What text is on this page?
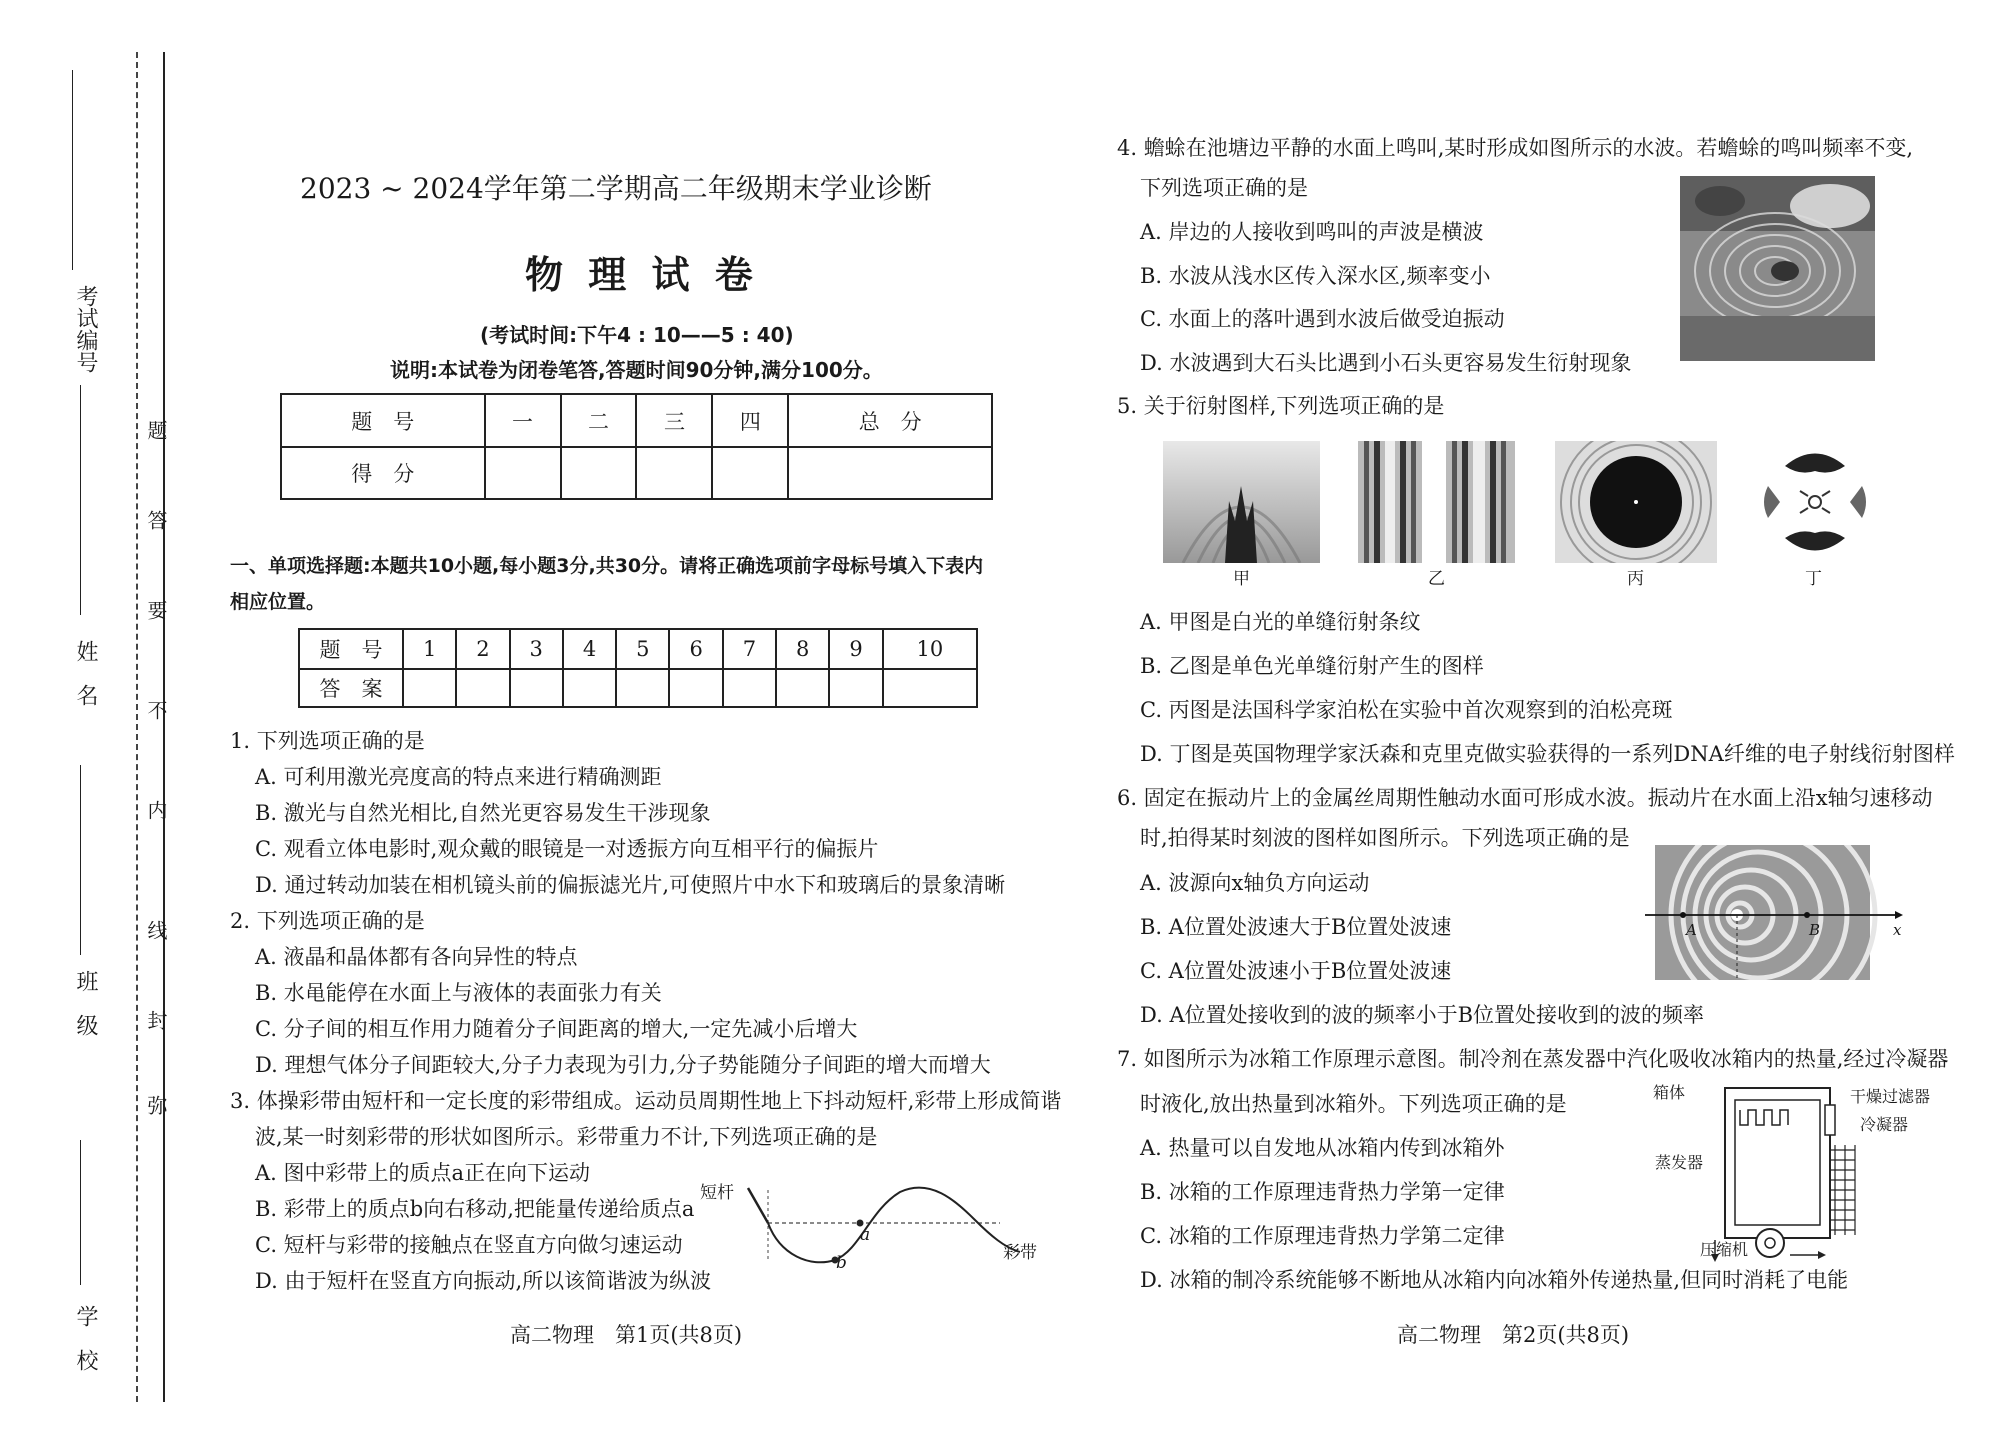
考试编号
姓　名
班　级
学　校
弥
封
线
内
不
要
答
题
2023 ~ 2024学年第二学期高二年级期末学业诊断
物 理 试 卷
(考试时间:下午4 : 10——5 : 40)
说明:本试卷为闭卷笔答,答题时间90分钟,满分100分。
题　号	一	二	三	四	总　分
得　分					
一、单项选择题:本题共10小题,每小题3分,共30分。请将正确选项前字母标号填入下表内
相应位置。
题　号	1	2	3	4	5	6	7	8	9	10
答　案										
1. 下列选项正确的是
A. 可利用激光亮度高的特点来进行精确测距
B. 激光与自然光相比,自然光更容易发生干涉现象
C. 观看立体电影时,观众戴的眼镜是一对透振方向互相平行的偏振片
D. 通过转动加装在相机镜头前的偏振滤光片,可使照片中水下和玻璃后的景象清晰
2. 下列选项正确的是
A. 液晶和晶体都有各向异性的特点
B. 水黾能停在水面上与液体的表面张力有关
C. 分子间的相互作用力随着分子间距离的增大,一定先减小后增大
D. 理想气体分子间距较大,分子力表现为引力,分子势能随分子间距的增大而增大
3. 体操彩带由短杆和一定长度的彩带组成。运动员周期性地上下抖动短杆,彩带上形成简谐
波,某一时刻彩带的形状如图所示。彩带重力不计,下列选项正确的是
A. 图中彩带上的质点a正在向下运动
B. 彩带上的质点b向右移动,把能量传递给质点a
C. 短杆与彩带的接触点在竖直方向做匀速运动
D. 由于短杆在竖直方向振动,所以该简谐波为纵波
短杆
彩带
a
b
高二物理　第1页(共8页)
4. 蟾蜍在池塘边平静的水面上鸣叫,某时形成如图所示的水波。若蟾蜍的鸣叫频率不变,
下列选项正确的是
A. 岸边的人接收到鸣叫的声波是横波
B. 水波从浅水区传入深水区,频率变小
C. 水面上的落叶遇到水波后做受迫振动
D. 水波遇到大石头比遇到小石头更容易发生衍射现象
5. 关于衍射图样,下列选项正确的是
甲	乙	丙	丁
A. 甲图是白光的单缝衍射条纹
B. 乙图是单色光单缝衍射产生的图样
C. 丙图是法国科学家泊松在实验中首次观察到的泊松亮斑
D. 丁图是英国物理学家沃森和克里克做实验获得的一系列DNA纤维的电子射线衍射图样
6. 固定在振动片上的金属丝周期性触动水面可形成水波。振动片在水面上沿x轴匀速移动
时,拍得某时刻波的图样如图所示。下列选项正确的是
A. 波源向x轴负方向运动
B. A位置处波速大于B位置处波速
C. A位置处波速小于B位置处波速
D. A位置处接收到的波的频率小于B位置处接收到的波的频率
A	B	x
7. 如图所示为冰箱工作原理示意图。制冷剂在蒸发器中汽化吸收冰箱内的热量,经过冷凝器
时液化,放出热量到冰箱外。下列选项正确的是
A. 热量可以自发地从冰箱内传到冰箱外
B. 冰箱的工作原理违背热力学第一定律
C. 冰箱的工作原理违背热力学第二定律
D. 冰箱的制冷系统能够不断地从冰箱内向冰箱外传递热量,但同时消耗了电能
箱体	干燥过滤器
冷凝器
蒸发器
压缩机
高二物理　第2页(共8页)
